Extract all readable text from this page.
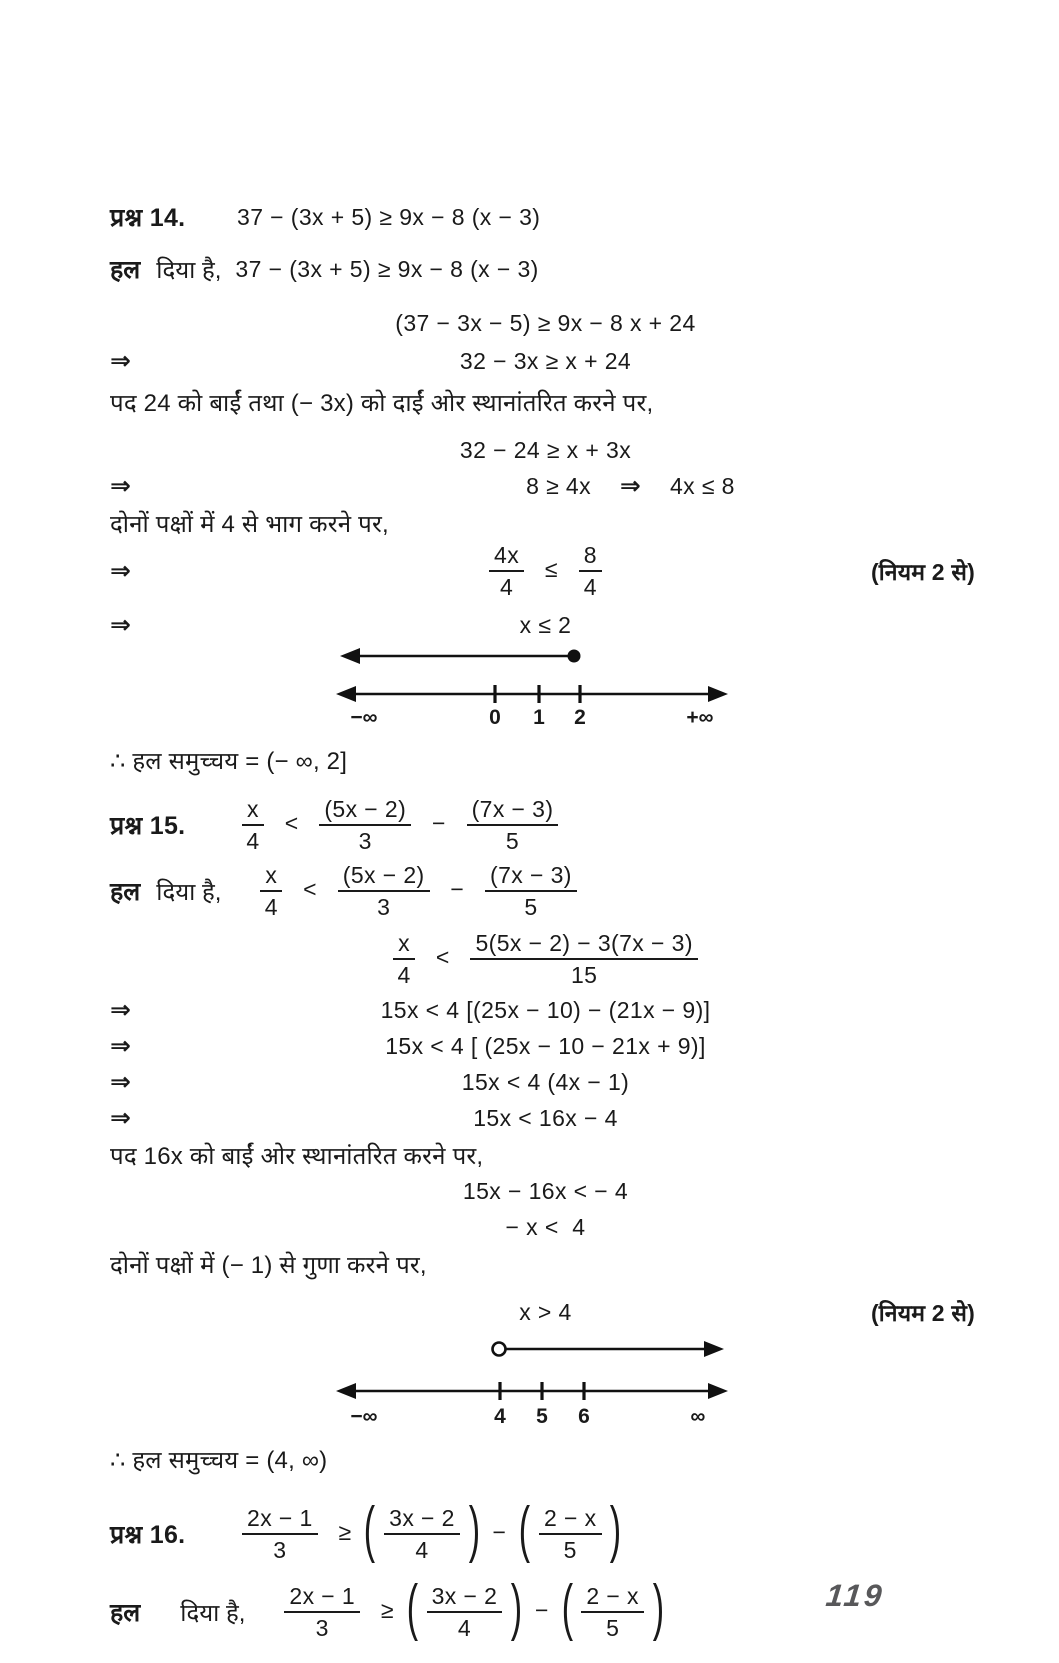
प्रश्न 14.	37 − (3x + 5) ≥ 9x − 8 (x − 3)
हल दिया है, 37 − (3x + 5) ≥ 9x − 8 (x − 3)
(37 − 3x − 5) ≥ 9x − 8 x + 24
⇒	32 − 3x ≥ x + 24
पद 24 को बाईं तथा (− 3x) को दाईं ओर स्थानांतरित करने पर,
32 − 24 ≥ x + 3x
⇒	8 ≥ 4x ⇒ 4x ≤ 8
दोनों पक्षों में 4 से भाग करने पर,
⇒	$\frac{4x}{4} \le \frac{8}{4}$	(नियम 2 से)
⇒	x ≤ 2
−∞	0 1 2	+∞
∴ हल समुच्चय = (− ∞, 2]
प्रश्न 15.	$\frac{x}{4} < \frac{(5x - 2)}{3} - \frac{(7x - 3)}{5}$
हल दिया है, $\frac{x}{4} < \frac{(5x - 2)}{3} - \frac{(7x - 3)}{5}$
$\frac{x}{4} < \frac{5(5x - 2) - 3(7x - 3)}{15}$
⇒	15x < 4 [(25x − 10) − (21x − 9)]
⇒	15x < 4 [ (25x − 10 − 21x + 9)]
⇒	15x < 4 (4x − 1)
⇒	15x < 16x − 4
पद 16x को बाईं ओर स्थानांतरित करने पर,
15x − 16x < − 4
− x <  4
दोनों पक्षों में (− 1) से गुणा करने पर,
x > 4	(नियम 2 से)
−∞	4 5 6	∞
∴ हल समुच्चय = (4, ∞)
प्रश्न 16.	$\frac{2x - 1}{3}$ ≥ ( $\frac{3x - 2}{4}$ ) − ( $\frac{2 - x}{5}$ )
हल दिया है, $\frac{2x - 1}{3}$ ≥ ( $\frac{3x - 2}{4}$ ) − ( $\frac{2 - x}{5}$ )	119
